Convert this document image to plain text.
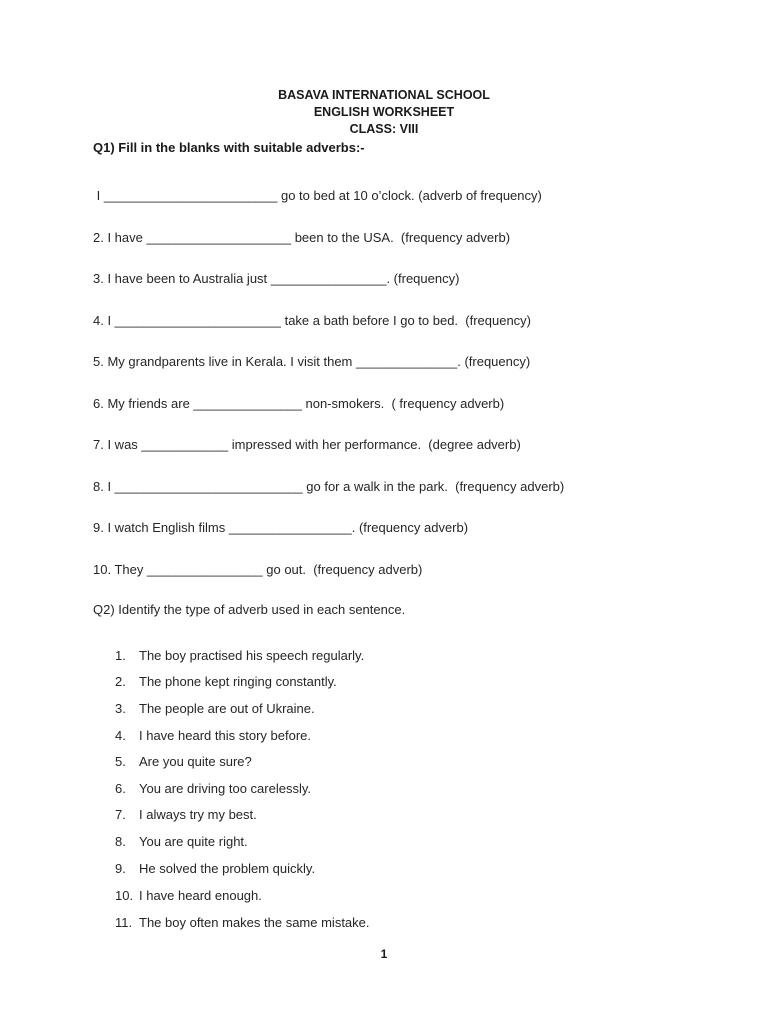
BASAVA INTERNATIONAL SCHOOL
ENGLISH WORKSHEET
CLASS: VIII
Q1) Fill in the blanks with suitable adverbs:-
I ________________________ go to bed at 10 o’clock. (adverb of frequency)
2. I have ____________________ been to the USA.  (frequency adverb)
3. I have been to Australia just ________________. (frequency)
4. I _______________________ take a bath before I go to bed.  (frequency)
5. My grandparents live in Kerala. I visit them ______________. (frequency)
6. My friends are _______________ non-smokers.  ( frequency adverb)
7. I was ____________ impressed with her performance.  (degree adverb)
8. I __________________________ go for a walk in the park.  (frequency adverb)
9. I watch English films _________________. (frequency adverb)
10. They ________________ go out.  (frequency adverb)
Q2) Identify the type of adverb used in each sentence.
1. The boy practised his speech regularly.
2. The phone kept ringing constantly.
3. The people are out of Ukraine.
4. I have heard this story before.
5. Are you quite sure?
6. You are driving too carelessly.
7. I always try my best.
8. You are quite right.
9. He solved the problem quickly.
10. I have heard enough.
11. The boy often makes the same mistake.
1
